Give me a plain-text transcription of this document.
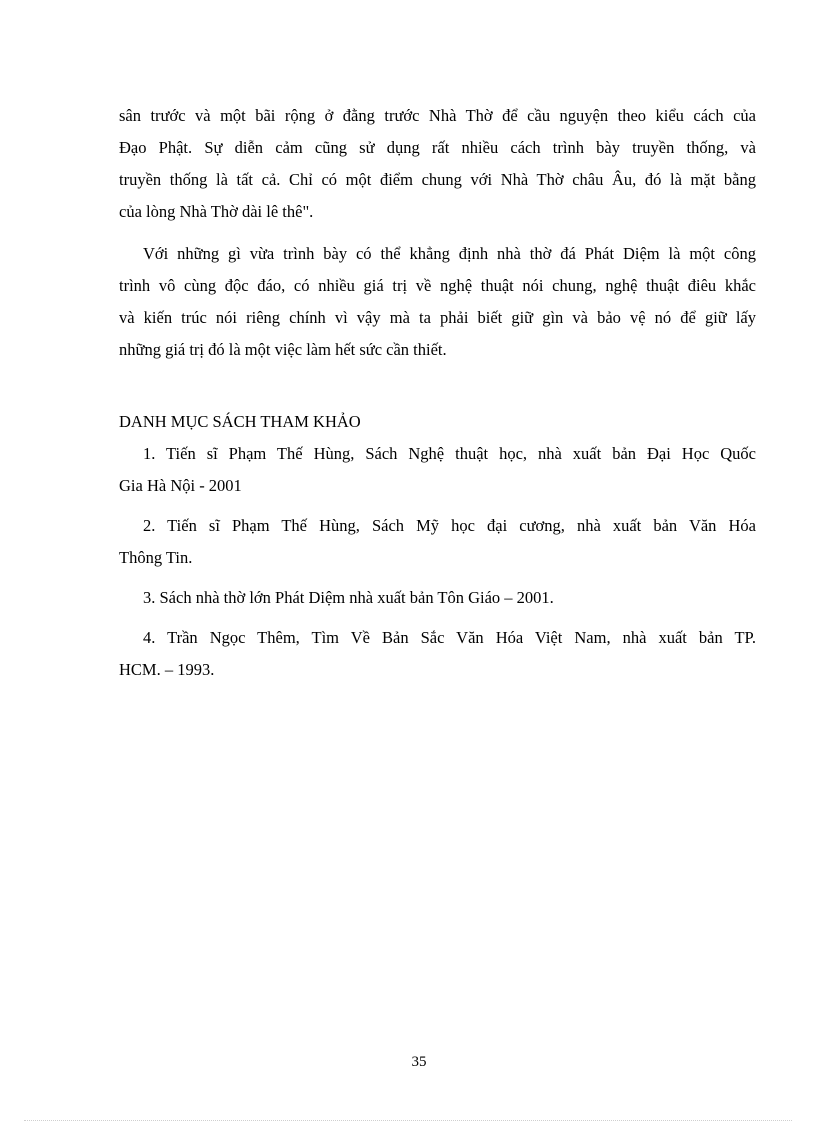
sân trước và một bãi rộng ở đằng trước Nhà Thờ để cầu nguyện theo kiểu cách của
Đạo Phật. Sự diễn cảm cũng sử dụng rất nhiều cách trình bày truyền thống, và
truyền thống là tất cả. Chỉ có một điểm chung với Nhà Thờ châu Âu, đó là mặt bằng
của lòng Nhà Thờ dài lê thê".

Với những gì vừa trình bày có thể khẳng định nhà thờ đá Phát Diệm là một công
trình vô cùng độc đáo, có nhiều giá trị về nghệ thuật nói chung, nghệ thuật điêu khắc
và kiến trúc nói riêng chính vì vậy mà ta phải biết giữ gìn và bảo vệ nó để giữ lấy
những giá trị đó là một việc làm hết sức cần thiết.

DANH MỤC SÁCH THAM KHẢO
1. Tiến sĩ Phạm Thế Hùng, Sách Nghệ thuật học, nhà xuất bản Đại Học Quốc
Gia Hà Nội - 2001
2. Tiến sĩ Phạm Thế Hùng, Sách Mỹ học đại cương, nhà xuất bản Văn Hóa
Thông Tin.
3. Sách nhà thờ lớn Phát Diệm nhà xuất bản Tôn Giáo – 2001.
4. Trần Ngọc Thêm, Tìm Về Bản Sắc Văn Hóa Việt Nam, nhà xuất bản TP.
HCM. – 1993.
35
